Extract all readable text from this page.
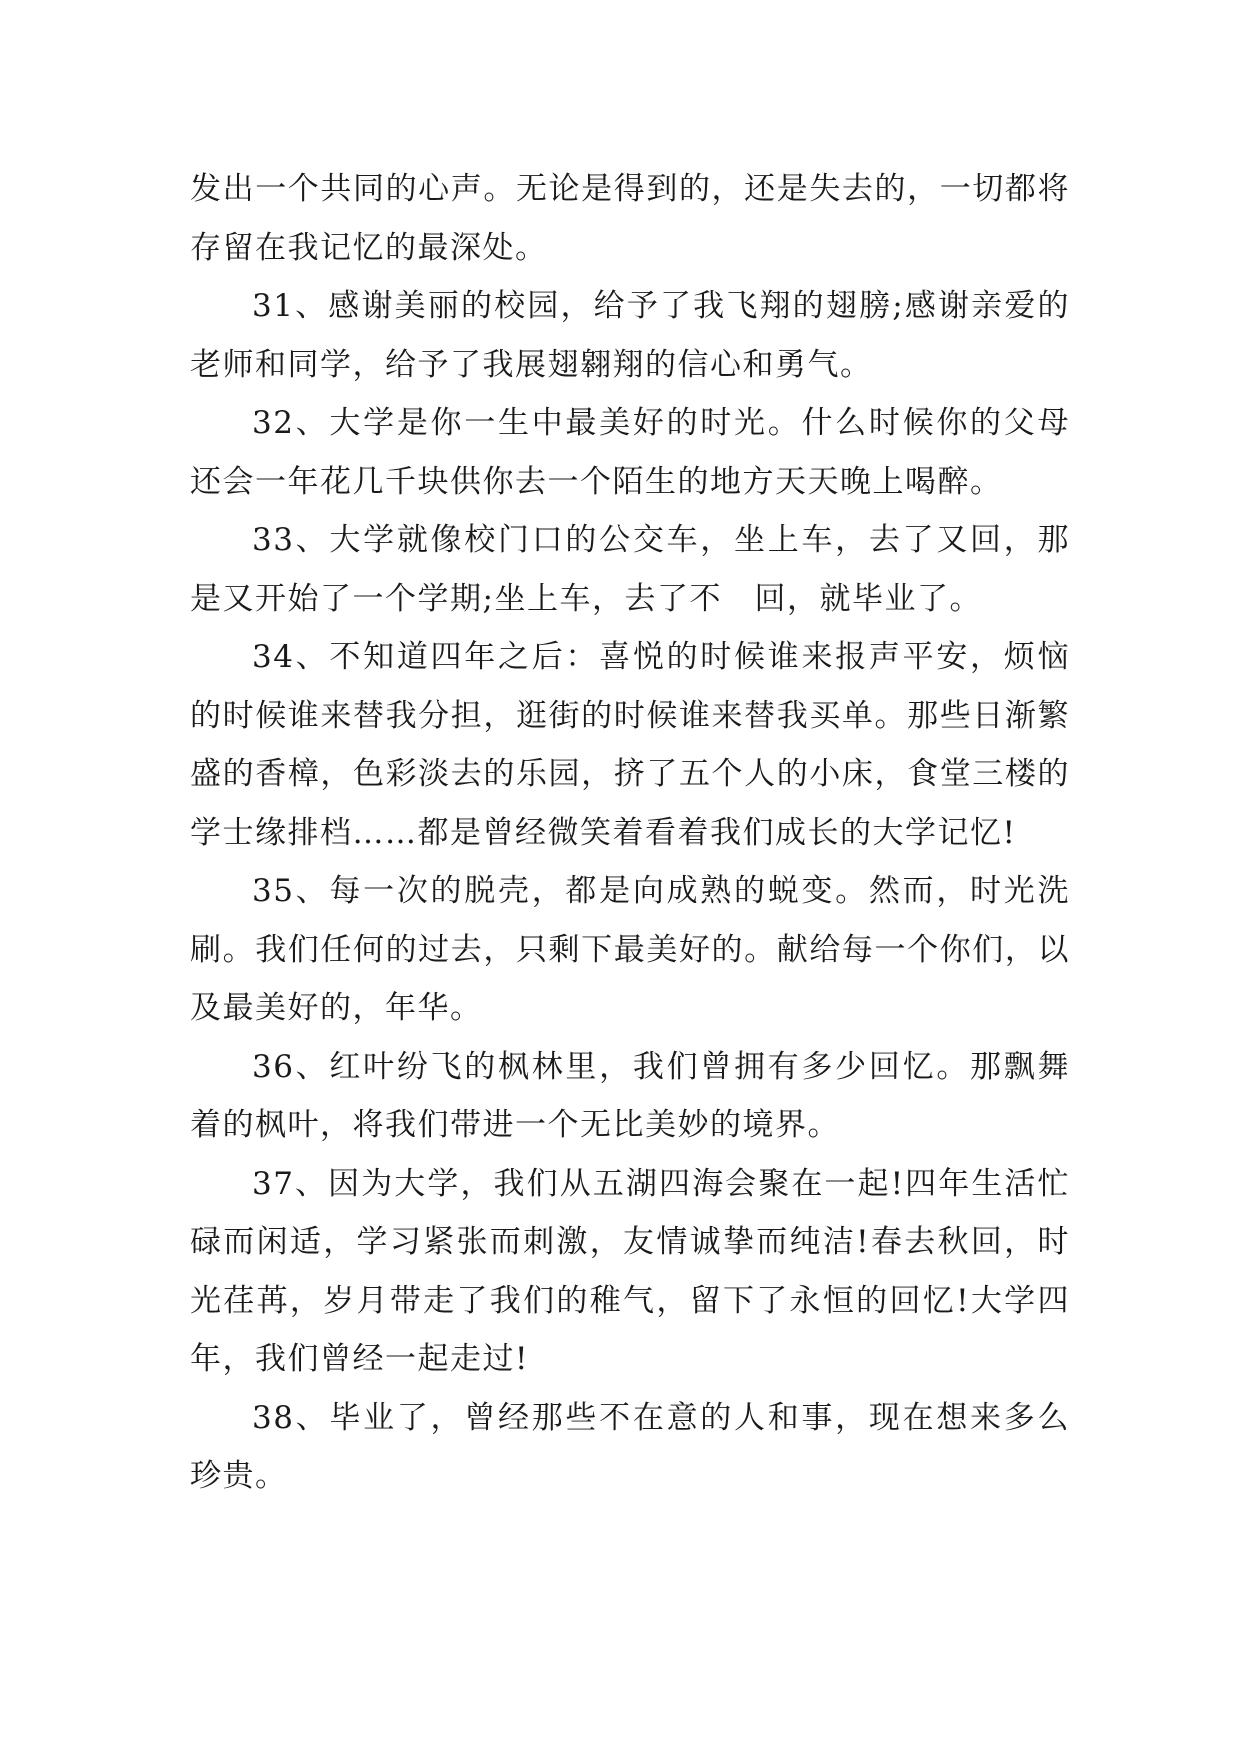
发出一个共同的心声。无论是得到的，还是失去的，一切都将存留在我记忆的最深处。

31、感谢美丽的校园，给予了我飞翔的翅膀;感谢亲爱的老师和同学，给予了我展翅翱翔的信心和勇气。

32、大学是你一生中最美好的时光。什么时候你的父母还会一年花几千块供你去一个陌生的地方天天晚上喝醉。

33、大学就像校门口的公交车，坐上车，去了又回，那是又开始了一个学期;坐上车，去了不　回，就毕业了。

34、不知道四年之后：喜悦的时候谁来报声平安，烦恼的时候谁来替我分担，逛街的时候谁来替我买单。那些日渐繁盛的香樟，色彩淡去的乐园，挤了五个人的小床，食堂三楼的学士缘排档……都是曾经微笑着看着我们成长的大学记忆!

35、每一次的脱壳，都是向成熟的蜕变。然而，时光洗刷。我们任何的过去，只剩下最美好的。献给每一个你们，以及最美好的，年华。

36、红叶纷飞的枫林里，我们曾拥有多少回忆。那飘舞着的枫叶，将我们带进一个无比美妙的境界。

37、因为大学，我们从五湖四海会聚在一起!四年生活忙碌而闲适，学习紧张而刺激，友情诚挚而纯洁!春去秋回，时光荏苒，岁月带走了我们的稚气，留下了永恒的回忆!大学四年，我们曾经一起走过!

38、毕业了，曾经那些不在意的人和事，现在想来多么珍贵。
